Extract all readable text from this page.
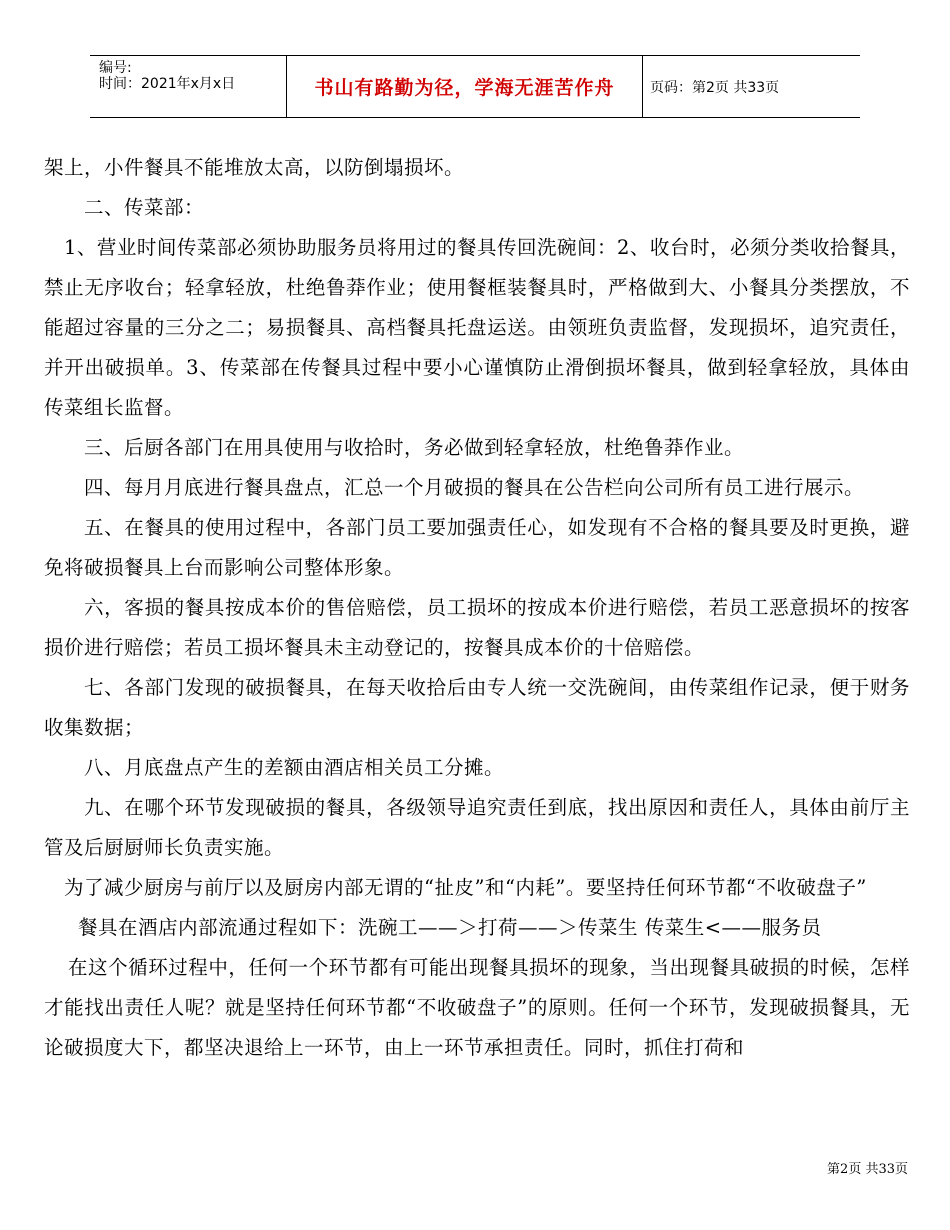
编号:
时间：2021年x月x日	书山有路勤为径，学海无涯苦作舟	页码：第2页 共33页

架上，小件餐具不能堆放太高，以防倒塌损坏。

二、传菜部：

1、营业时间传菜部必须协助服务员将用过的餐具传回洗碗间：2、收台时，必须分类收拾餐具，禁止无序收台；轻拿轻放，杜绝鲁莽作业；使用餐框装餐具时，严格做到大、小餐具分类摆放，不能超过容量的三分之二；易损餐具、高档餐具托盘运送。由领班负责监督，发现损坏，追究责任，并开出破损单。3、传菜部在传餐具过程中要小心谨慎防止滑倒损坏餐具，做到轻拿轻放，具体由传菜组长监督。

三、后厨各部门在用具使用与收拾时，务必做到轻拿轻放，杜绝鲁莽作业。

四、每月月底进行餐具盘点，汇总一个月破损的餐具在公告栏向公司所有员工进行展示。

五、在餐具的使用过程中，各部门员工要加强责任心，如发现有不合格的餐具要及时更换，避免将破损餐具上台而影响公司整体形象。

六，客损的餐具按成本价的售倍赔偿，员工损坏的按成本价进行赔偿，若员工恶意损坏的按客损价进行赔偿；若员工损坏餐具未主动登记的，按餐具成本价的十倍赔偿。

七、各部门发现的破损餐具，在每天收拾后由专人统一交洗碗间，由传菜组作记录，便于财务收集数据；

八、月底盘点产生的差额由酒店相关员工分摊。

九、在哪个环节发现破损的餐具，各级领导追究责任到底，找出原因和责任人，具体由前厅主管及后厨厨师长负责实施。

为了减少厨房与前厅以及厨房内部无谓的“扯皮”和“内耗”。要坚持任何环节都“不收破盘子”

餐具在酒店内部流通过程如下：洗碗工——＞打荷——＞传菜生 传菜生<——服务员

在这个循环过程中，任何一个环节都有可能出现餐具损坏的现象，当出现餐具破损的时候，怎样才能找出责任人呢？就是坚持任何环节都“不收破盘子”的原则。任何一个环节，发现破损餐具，无论破损度大下，都坚决退给上一环节，由上一环节承担责任。同时，抓住打荷和

第2页 共33页
